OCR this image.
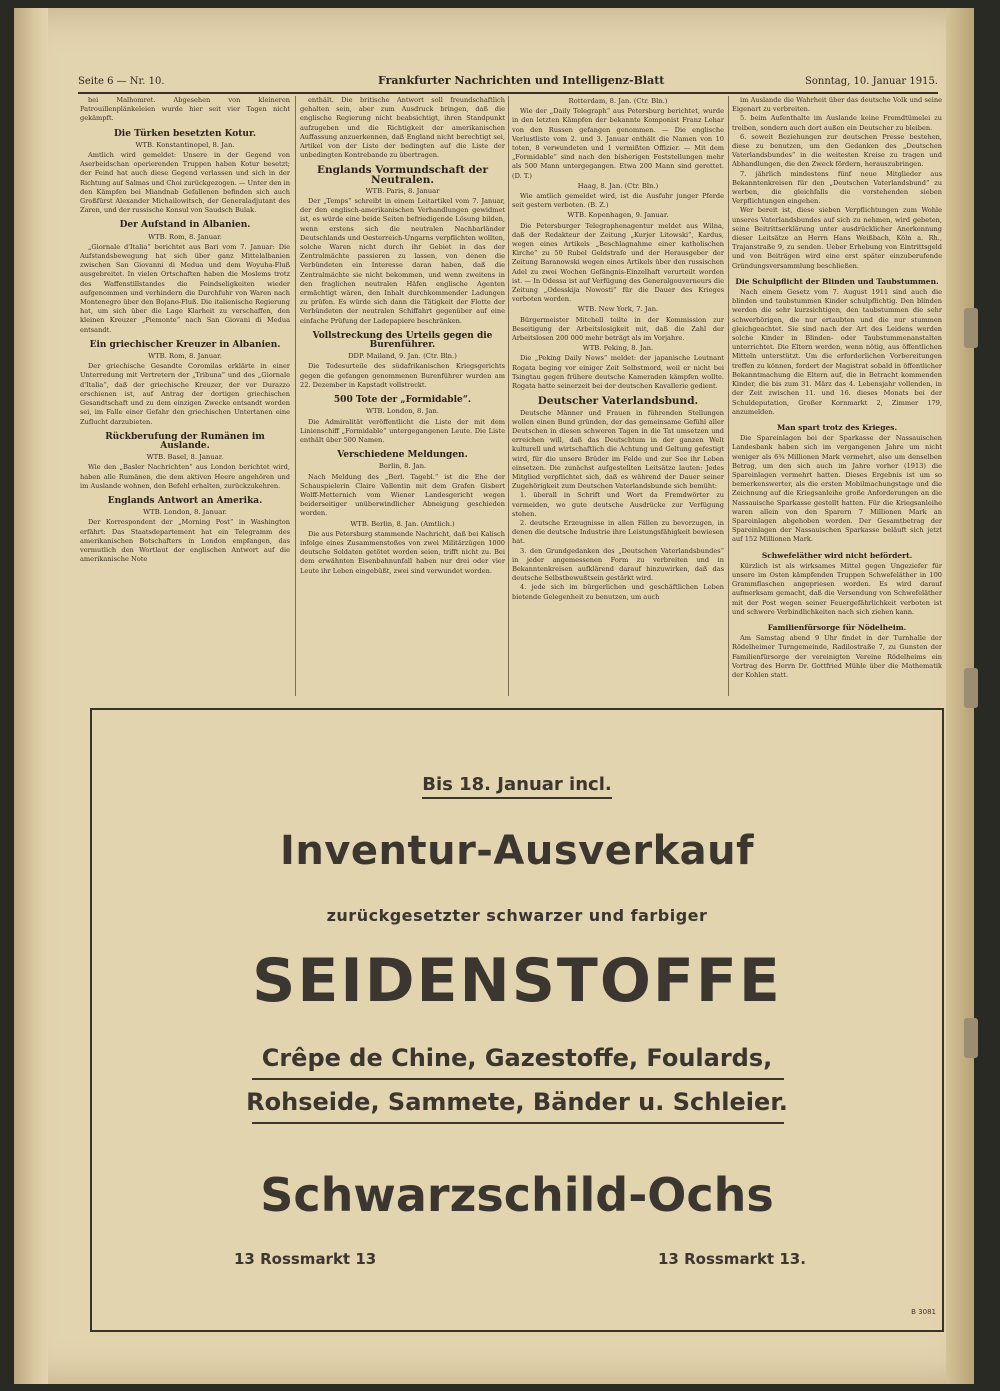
Seite 6 — Nr. 10.	Frankfurter Nachrichten und Intelligenz-Blatt	Sonntag, 10. Januar 1915.

bei Malhomret. Abgesehen von kleineren Patrouillenplänkeleien wurde hier seit vier Tagen nicht gekämpft.

Die Türken besetzten Kotur.
WTB. Konstantinopel, 8. Jan.

Amtlich wird gemeldet: Unsere in der Gegend von Aserbeidschan operierenden Truppen haben Kotur besetzt; der Feind hat auch diese Gegend verlassen und sich in der Richtung auf Salmas und Choi zurückgezogen. — Unter den in den Kämpfen bei Miandnab Gefallenen befinden sich auch Großfürst Alexander Michailowitsch, der Generaladjutant des Zaren, und der russische Konsul von Saudsch Bulak.

Der Aufstand in Albanien.
WTB. Rom, 8. Januar.

„Giornale d'Italia“ berichtet aus Bari vom 7. Januar: Die Aufstandsbewegung hat sich über ganz Mittelalbanien zwischen San Giovanni di Medua und dem Woyuha-Fluß ausgebreitet. In vielen Ortschaften haben die Moslems trotz des Waffenstillstandes die Feindseligkeiten wieder aufgenommen und verhindern die Durchfuhr von Waren nach Montenegro über den Bojano-Fluß. Die italienische Regierung hat, um sich über die Lage Klarheit zu verschaffen, den kleinen Kreuzer „Piemonte“ nach San Giovani di Medua entsandt.

Ein griechischer Kreuzer in Albanien.
WTB. Rom, 8. Januar.

Der griechische Gesandte Coromilas erklärte in einer Unterredung mit Vertretern der „Tribuna“ und des „Giornale d'Italia“, daß der griechische Kreuzer, der vor Durazzo erschienen ist, auf Antrag der dortigen griechischen Gesandtschaft und zu dem einzigen Zwecke entsandt worden sei, im Falle einer Gefahr den griechischen Untertanen eine Zuflucht darzubieten.

Rückberufung der Rumänen im Auslande.
WTB. Basel, 8. Januar.

Wie den „Basler Nachrichten“ aus London berichtet wird, haben alle Rumänen, die dem aktiven Heere angehören und im Auslande wohnen, den Befehl erhalten, zurückzukehren.

Englands Antwort an Amerika.
WTB. London, 8. Januar.

Der Korrespondent der „Morning Post“ in Washington erfährt: Das Staatsdepartement hat ein Telegramm des amerikanischen Botschafters in London empfangen, das vermutlich den Wortlaut der englischen Antwort auf die amerikanische Note

enthält. Die britische Antwort soll freundschaftlich gehalten sein, aber zum Ausdruck bringen, daß die englische Regierung nicht beabsichtigt, ihren Standpunkt aufzugeben und die Richtigkeit der amerikanischen Auffassung anzuerkennen, daß England nicht berechtigt sei, Artikel von der Liste der bedingten auf die Liste der unbedingten Kontrebande zu übertragen.

Englands Vormundschaft der Neutralen.
WTB. Paris, 8. Januar

Der „Temps“ schreibt in einem Leitartikel vom 7. Januar, der den englisch-amerikanischen Verhandlungen gewidmet ist, es würde eine beide Seiten befriedigende Lösung bilden, wenn erstens sich die neutralen Nachbarländer Deutschlands und Oesterreich-Ungarns verpflichten wollten, solche Waren nicht durch ihr Gebiet in das der Zentralmächte passieren zu lassen, von denen die Verbündeten ein Interesse daran haben, daß die Zentralmächte sie nicht bekommen, und wenn zweitens in den fraglichen neutralen Häfen englische Agenten ermächtigt wären, den Inhalt durchkommender Ladungen zu prüfen. Es würde sich dann die Tätigkeit der Flotte der Verbündeten der neutralen Schiffahrt gegenüber auf eine einfache Prüfung der Ladepapiere beschränken.

Vollstreckung des Urteils gegen die Burenführer.
DDP. Mailand, 9. Jan. (Ctr. Bln.)

Die Todesurteile des südafrikanischen Kriegsgerichts gegen die gefangen genommenen Burenführer wurden am 22. Dezember in Kapstadt vollstreckt.

500 Tote der „Formidable“.
WTB. London, 8. Jan.

Die Admiralität veröffentlicht die Liste der mit dem Linienschiff „Formidable“ untergegangenen Leute. Die Liste enthält über 500 Namen.

Verschiedene Meldungen.
Berlin, 8. Jan.

Nach Meldung des „Berl. Tagebl.“ ist die Ehe der Schauspielerin Claire Vallentin mit dem Grafen Gisbert Wolff-Metternich vom Wiener Landesgericht wegen beiderseitiger unüberwindlicher Abneigung geschieden worden.

WTB. Berlin, 8. Jan. (Amtlich.)

Die aus Petersburg stammende Nachricht, daß bei Kalisch infolge eines Zusammenstoßes von zwei Militärzügen 1000 deutsche Soldaten getötet worden seien, trifft nicht zu. Bei dem erwähnten Eisenbahnunfall haben nur drei oder vier Leute ihr Leben eingebüßt, zwei sind verwundet worden.

Rotterdam, 8. Jan. (Ctr. Bln.)

Wie der „Daily Telegraph“ aus Petersburg berichtet, wurde in den letzten Kämpfen der bekannte Komponist Franz Lehar von den Russen gefangen genommen. — Die englische Verlustliste vom 2. und 3. Januar enthält die Namen von 10 toten, 8 verwundeten und 1 vermißten Offizier. — Mit dem „Formidable“ sind nach den bisherigen Feststellungen mehr als 500 Mann untergegangen. Etwa 200 Mann sind gerettet. (D. T.)

Haag, 8. Jan. (Ctr. Bln.)

Wie amtlich gemeldet wird, ist die Ausfuhr junger Pferde seit gestern verboten. (B. Z.)

WTB. Kopenhagen, 9. Januar.

Die Petersburger Telegraphenagentur meldet aus Wilna, daß der Redakteur der Zeitung „Kurjer Litowski“, Kardus, wegen eines Artikels „Beschlagnahme einer katholischen Kirche“ zu 50 Rubel Geldstrafe und der Herausgeber der Zeitung Baranowski wegen eines Artikels über den russischen Adel zu zwei Wochen Gefängnis-Einzelhaft verurteilt worden ist. — In Odessa ist auf Verfügung des Generalgouverneurs die Zeitung „Odesskija Nowosti“ für die Dauer des Krieges verboten worden.

WTB. New York, 7. Jan.

Bürgermeister Mitchell teilte in der Kommission zur Beseitigung der Arbeitslosigkeit mit, daß die Zahl der Arbeitslosen 200 000 mehr beträgt als im Vorjahre.

WTB. Peking, 8. Jan.

Die „Peking Daily News“ meldet: der japanische Leutnant Rogata beging vor einiger Zeit Selbstmord, weil er nicht bei Tsingtau gegen frühere deutsche Kameraden kämpfen wollte. Rogata hatte seinerzeit bei der deutschen Kavallerie gedient.

Deutscher Vaterlandsbund.

Deutsche Männer und Frauen in führenden Stellungen wollen einen Bund gründen, der das gemeinsame Gefühl aller Deutschen in diesen schweren Tagen in die Tat umsetzen und erreichen will, daß das Deutschtum in der ganzen Welt kulturell und wirtschaftlich die Achtung und Geltung gefestigt wird, für die unsere Brüder im Felde und zur See ihr Leben einsetzen. Die zunächst aufgestellten Leitsätze lauten: Jedes Mitglied verpflichtet sich, daß es während der Dauer seiner Zugehörigkeit zum Deutschen Vaterlandsbunde sich bemüht:

1. überall in Schrift und Wort da Fremdwörter zu vermeiden, wo gute deutsche Ausdrücke zur Verfügung stehen.

2. deutsche Erzeugnisse in allen Fällen zu bevorzugen, in denen die deutsche Industrie ihre Leistungsfähigkeit bewiesen hat.

3. den Grundgedanken des „Deutschen Vaterlandsbundes“ in jeder angemessenen Form zu verbreiten und in Bekanntenkreisen aufklärend darauf hinzuwirken, daß das deutsche Selbstbewußtsein gestärkt wird.

4. jede sich im bürgerlichen und geschäftlichen Leben bietende Gelegenheit zu benutzen, um auch

im Auslande die Wahrheit über das deutsche Volk und seine Eigenart zu verbreiten.

5. beim Aufenthalte im Auslande keine Fremdtümelei zu treiben, sondern auch dort außen ein Deutscher zu bleiben.

6. soweit Beziehungen zur deutschen Presse bestehen, diese zu benutzen, um den Gedanken des „Deutschen Vaterlandsbundes“ in die weitesten Kreise zu tragen und Abhandlungen, die den Zweck fördern, herauszubringen.

7. jährlich mindestens fünf neue Mitglieder aus Bekanntenkreisen für den „Deutschen Vaterlandsbund“ zu werben, die gleichfalls die vorstehenden sieben Verpflichtungen eingehen.

Wer bereit ist, diese sieben Verpflichtungen zum Wohle unseres Vaterlandsbundes auf sich zu nehmen, wird gebeten, seine Beitrittserklärung unter ausdrücklicher Anerkennung dieser Leitsätze an Herrn Hans Weißbach, Köln a. Rh., Trajanstraße 9, zu senden. Ueber Erhebung von Eintrittsgeld und von Beiträgen wird eine erst später einzuberufende Gründungsversammlung beschließen.

Die Schulpflicht der Blinden und Taubstummen.

Nach einem Gesetz vom 7. August 1911 sind auch die blinden und taubstummen Kinder schulpflichtig. Den blinden werden die sehr kurzsichtigen, den taubstummen die sehr schwerhörigen, die nur ertaubten und die nur stummen gleichgeachtet. Sie sind nach der Art des Leidens werden solche Kinder in Blinden- oder Taubstummenanstalten unterrichtet. Die Eltern werden, wenn nötig, aus öffentlichen Mitteln unterstützt. Um die erforderlichen Vorbereitungen treffen zu können, fordert der Magistrat sobald in öffentlicher Bekanntmachung die Eltern auf, die in Betracht kommenden Kinder, die bis zum 31. März das 4. Lebensjahr vollenden, in der Zeit zwischen 11. und 16. dieses Monats bei der Schuldeputation, Großer Kornmarkt 2, Zimmer 179, anzumelden.

Man spart trotz des Krieges.

Die Spareinlagen bei der Sparkasse der Nassauischen Landesbank haben sich im vergangenen Jahre um nicht weniger als 6¾ Millionen Mark vermehrt, also um denselben Betrag, um den sich auch im Jahre vorher (1913) die Spareinlagen vermehrt hatten. Dieses Ergebnis ist um so bemerkenswerter, als die ersten Mobilmachungstage und die Zeichnung auf die Kriegsanleihe große Anforderungen an die Nassauische Sparkasse gestellt hatten. Für die Kriegsanleihe waren allein von den Sparern 7 Millionen Mark an Spareinlagen abgehoben worden. Der Gesamtbetrag der Spareinlagen der Nassauischen Sparkasse beläuft sich jetzt auf 152 Millionen Mark.

Schwefeläther wird nicht befördert.

Kürzlich ist als wirksames Mittel gegen Ungeziefer für unsere im Osten kämpfenden Truppen Schwefeläther in 100 Grammflaschen angepriesen worden. Es wird darauf aufmerksam gemacht, daß die Versendung von Schwefeläther mit der Post wegen seiner Feuergefährlichkeit verboten ist und schwere Verbindlichkeiten nach sich ziehen kann.

Familienfürsorge für Nödelheim.

Am Samstag abend 9 Uhr findet in der Turnhalle der Rödelheimer Turngemeinde, Radilostraße 7, zu Gunsten der Familienfürsorge der vereinigten Vereine Rödelheims ein Vortrag des Herrn Dr. Gottfried Mühle über die Mathematik der Kohlen statt.

Bis 18. Januar incl.
Inventur-Ausverkauf
zurückgesetzter schwarzer und farbiger
SEIDENSTOFFE
Crêpe de Chine, Gazestoffe, Foulards,
Rohseide, Sammete, Bänder u. Schleier.
Schwarzschild-Ochs
13 Rossmarkt 13	13 Rossmarkt 13.
B 3081
